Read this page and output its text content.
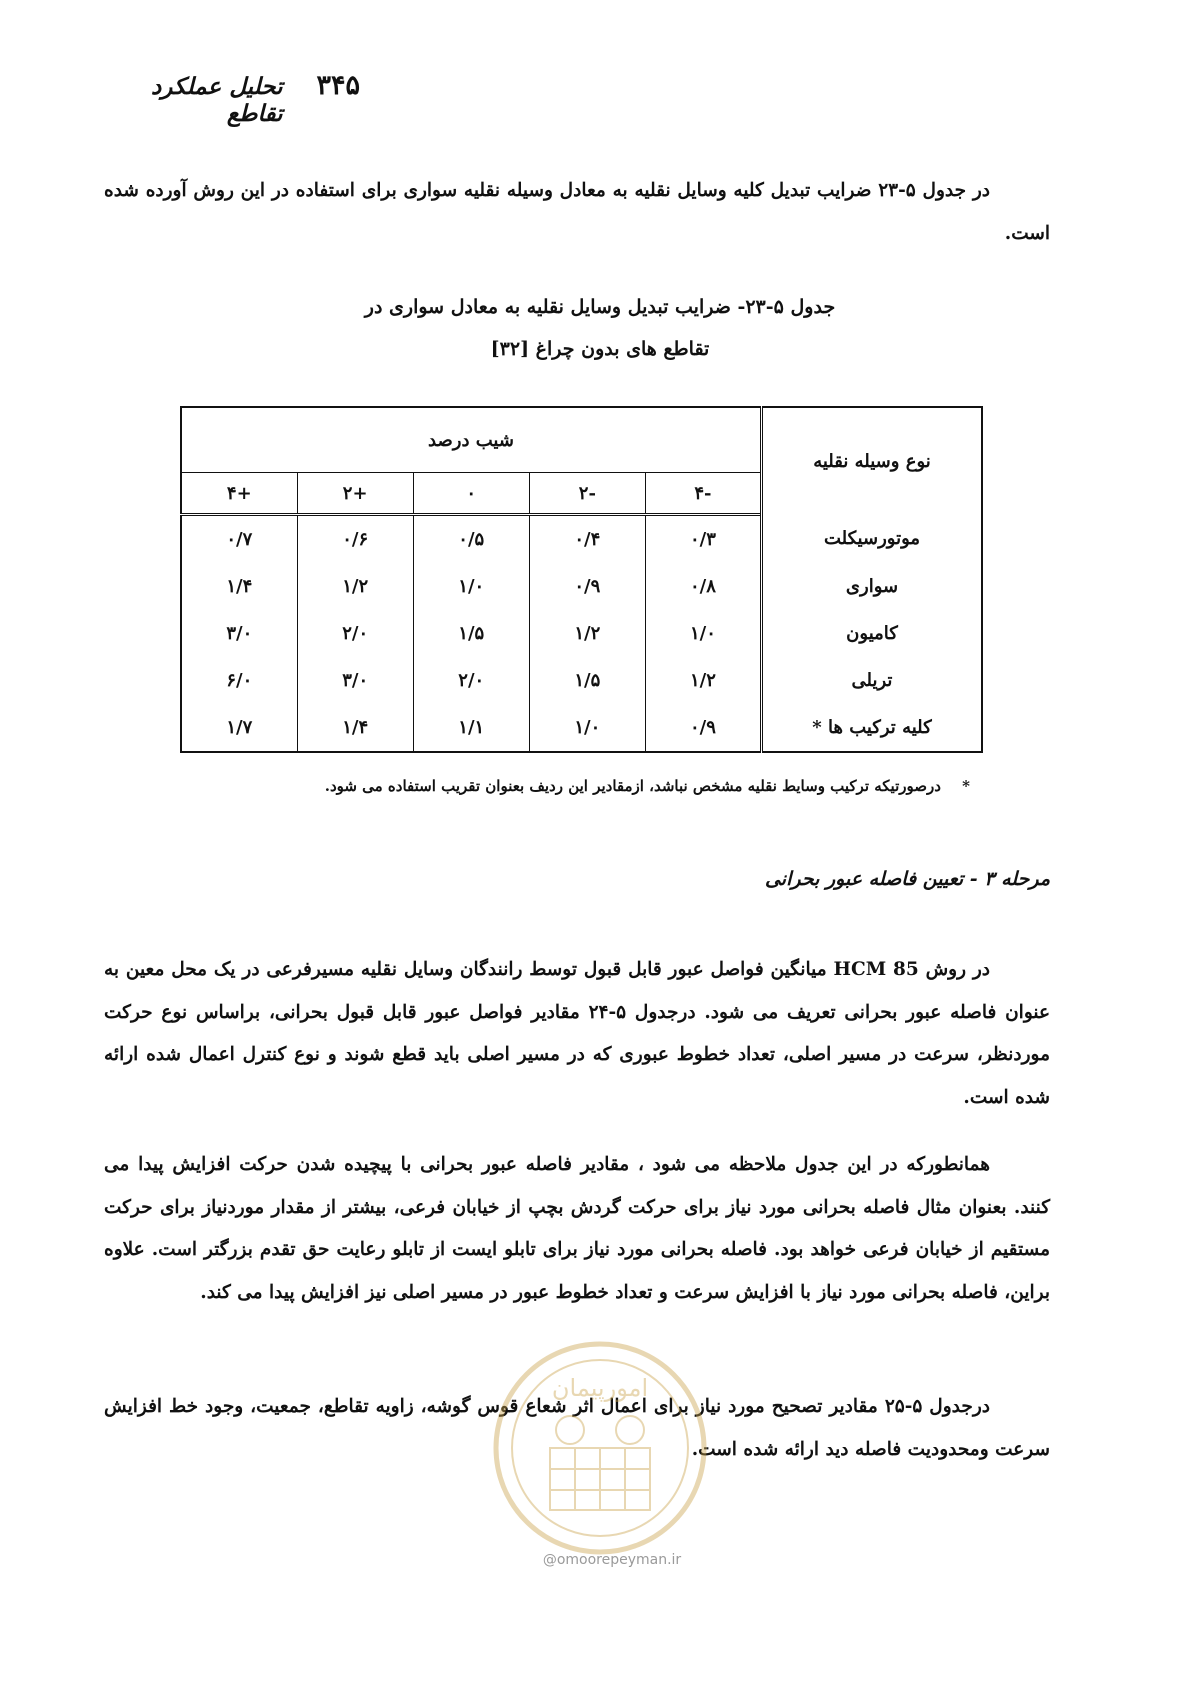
۳۴۵
تحلیل عملکرد تقاطع

در جدول ۵-۲۳ ضرایب تبدیل کلیه وسایل نقلیه به معادل وسیله نقلیه سواری برای استفاده در این روش آورده شده است.

جدول ۵-۲۳- ضرایب تبدیل وسایل نقلیه به معادل سواری در
تقاطع های بدون چراغ [۳۲]
نوع وسیله نقلیه	شیب درصد				
	-۴	-۲	۰	+۲	+۴
موتورسیکلت	۰/۳	۰/۴	۰/۵	۰/۶	۰/۷
سواری	۰/۸	۰/۹	۱/۰	۱/۲	۱/۴
کامیون	۱/۰	۱/۲	۱/۵	۲/۰	۳/۰
تریلی	۱/۲	۱/۵	۲/۰	۳/۰	۶/۰
کلیه ترکیب ها *	۰/۹	۱/۰	۱/۱	۱/۴	۱/۷

* درصورتیکه ترکیب وسایط نقلیه مشخص نباشد، ازمقادیر این ردیف بعنوان تقریب استفاده می شود.

مرحله ۳ - تعیین فاصله عبور بحرانی

در روش HCM 85 میانگین فواصل عبور قابل قبول توسط رانندگان وسایل نقلیه مسیرفرعی در یک محل معین به عنوان فاصله عبور بحرانی تعریف می شود. درجدول ۵-۲۴ مقادیر فواصل عبور قابل قبول بحرانی، براساس نوع حرکت موردنظر، سرعت در مسیر اصلی، تعداد خطوط عبوری که در مسیر اصلی باید قطع شوند و نوع کنترل اعمال شده ارائه شده است.

همانطورکه در این جدول ملاحظه می شود ، مقادیر فاصله عبور بحرانی با پیچیده شدن حرکت افزایش پیدا می کنند. بعنوان مثال فاصله بحرانی مورد نیاز برای حرکت گردش بچپ از خیابان فرعی، بیشتر از مقدار موردنیاز برای حرکت مستقیم از خیابان فرعی خواهد بود. فاصله بحرانی مورد نیاز برای تابلو ایست از تابلو رعایت حق تقدم بزرگتر است. علاوه براین، فاصله بحرانی مورد نیاز با افزایش سرعت و تعداد خطوط عبور در مسیر اصلی نیز افزایش پیدا می کند.

درجدول ۵-۲۵ مقادیر تصحیح مورد نیاز برای اعمال اثر شعاع قوس گوشه، زاویه تقاطع، جمعیت، وجود خط افزایش سرعت ومحدودیت فاصله دید ارائه شده است.

امورپیمان
@omoorepeyman.ir
